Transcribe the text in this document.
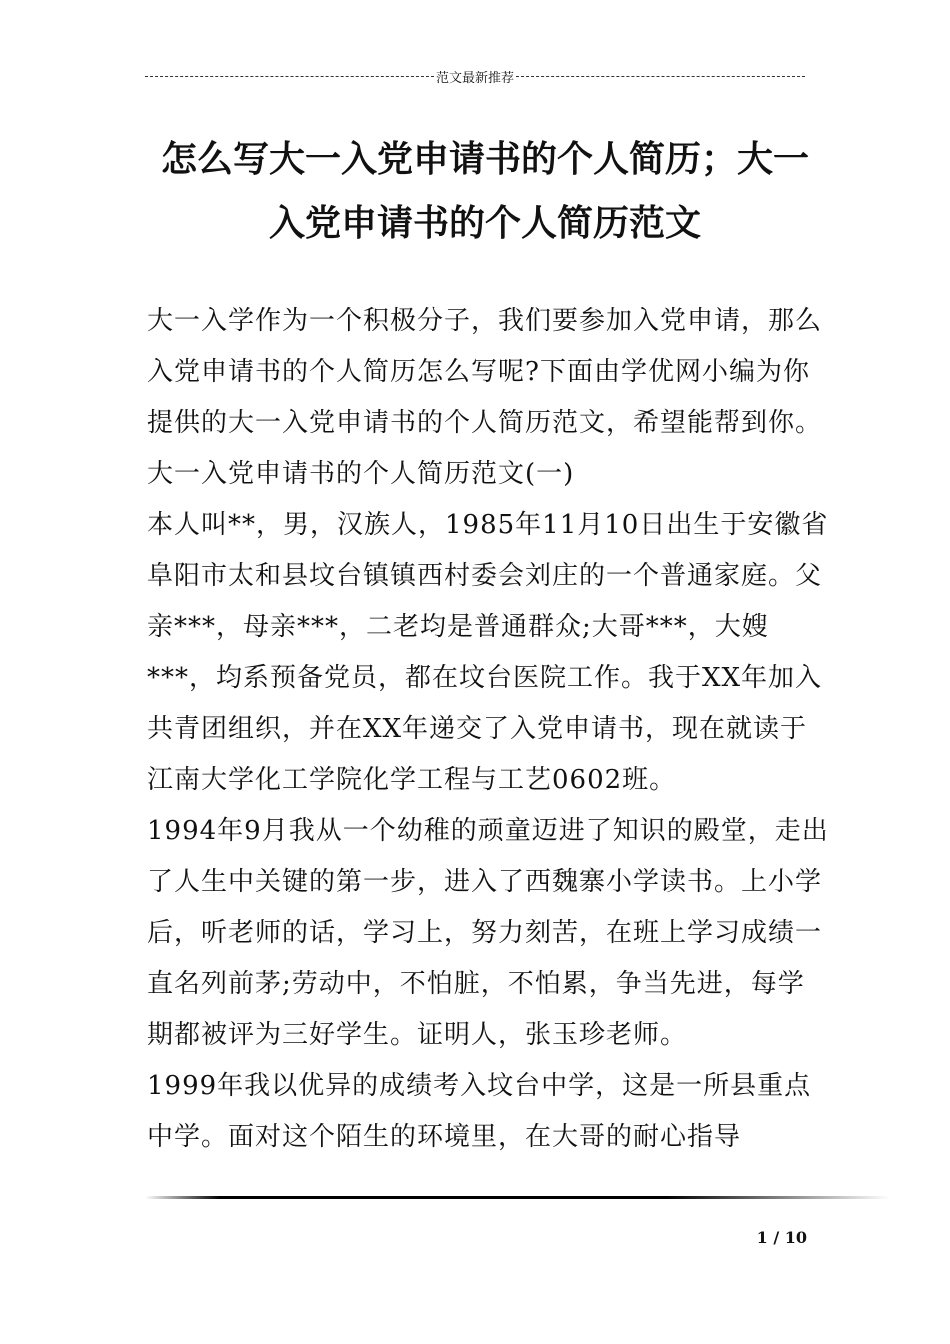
范文最新推荐
怎么写大一入党申请书的个人简历；大一入党申请书的个人简历范文

大一入学作为一个积极分子，我们要参加入党申请，那么入党申请书的个人简历怎么写呢?下面由学优网小编为你提供的大一入党申请书的个人简历范文，希望能帮到你。

大一入党申请书的个人简历范文(一)

本人叫**，男，汉族人，1985年11月10日出生于安徽省阜阳市太和县坟台镇镇西村委会刘庄的一个普通家庭。父亲***，母亲***，二老均是普通群众;大哥***，大嫂***，均系预备党员，都在坟台医院工作。我于XX年加入共青团组织，并在XX年递交了入党申请书，现在就读于江南大学化工学院化学工程与工艺0602班。

1994年9月我从一个幼稚的顽童迈进了知识的殿堂，走出了人生中关键的第一步，进入了西魏寨小学读书。上小学后，听老师的话，学习上，努力刻苦，在班上学习成绩一直名列前茅;劳动中，不怕脏，不怕累，争当先进，每学期都被评为三好学生。证明人，张玉珍老师。

1999年我以优异的成绩考入坟台中学，这是一所县重点中学。面对这个陌生的环境里，在大哥的耐心指导

1 / 10
